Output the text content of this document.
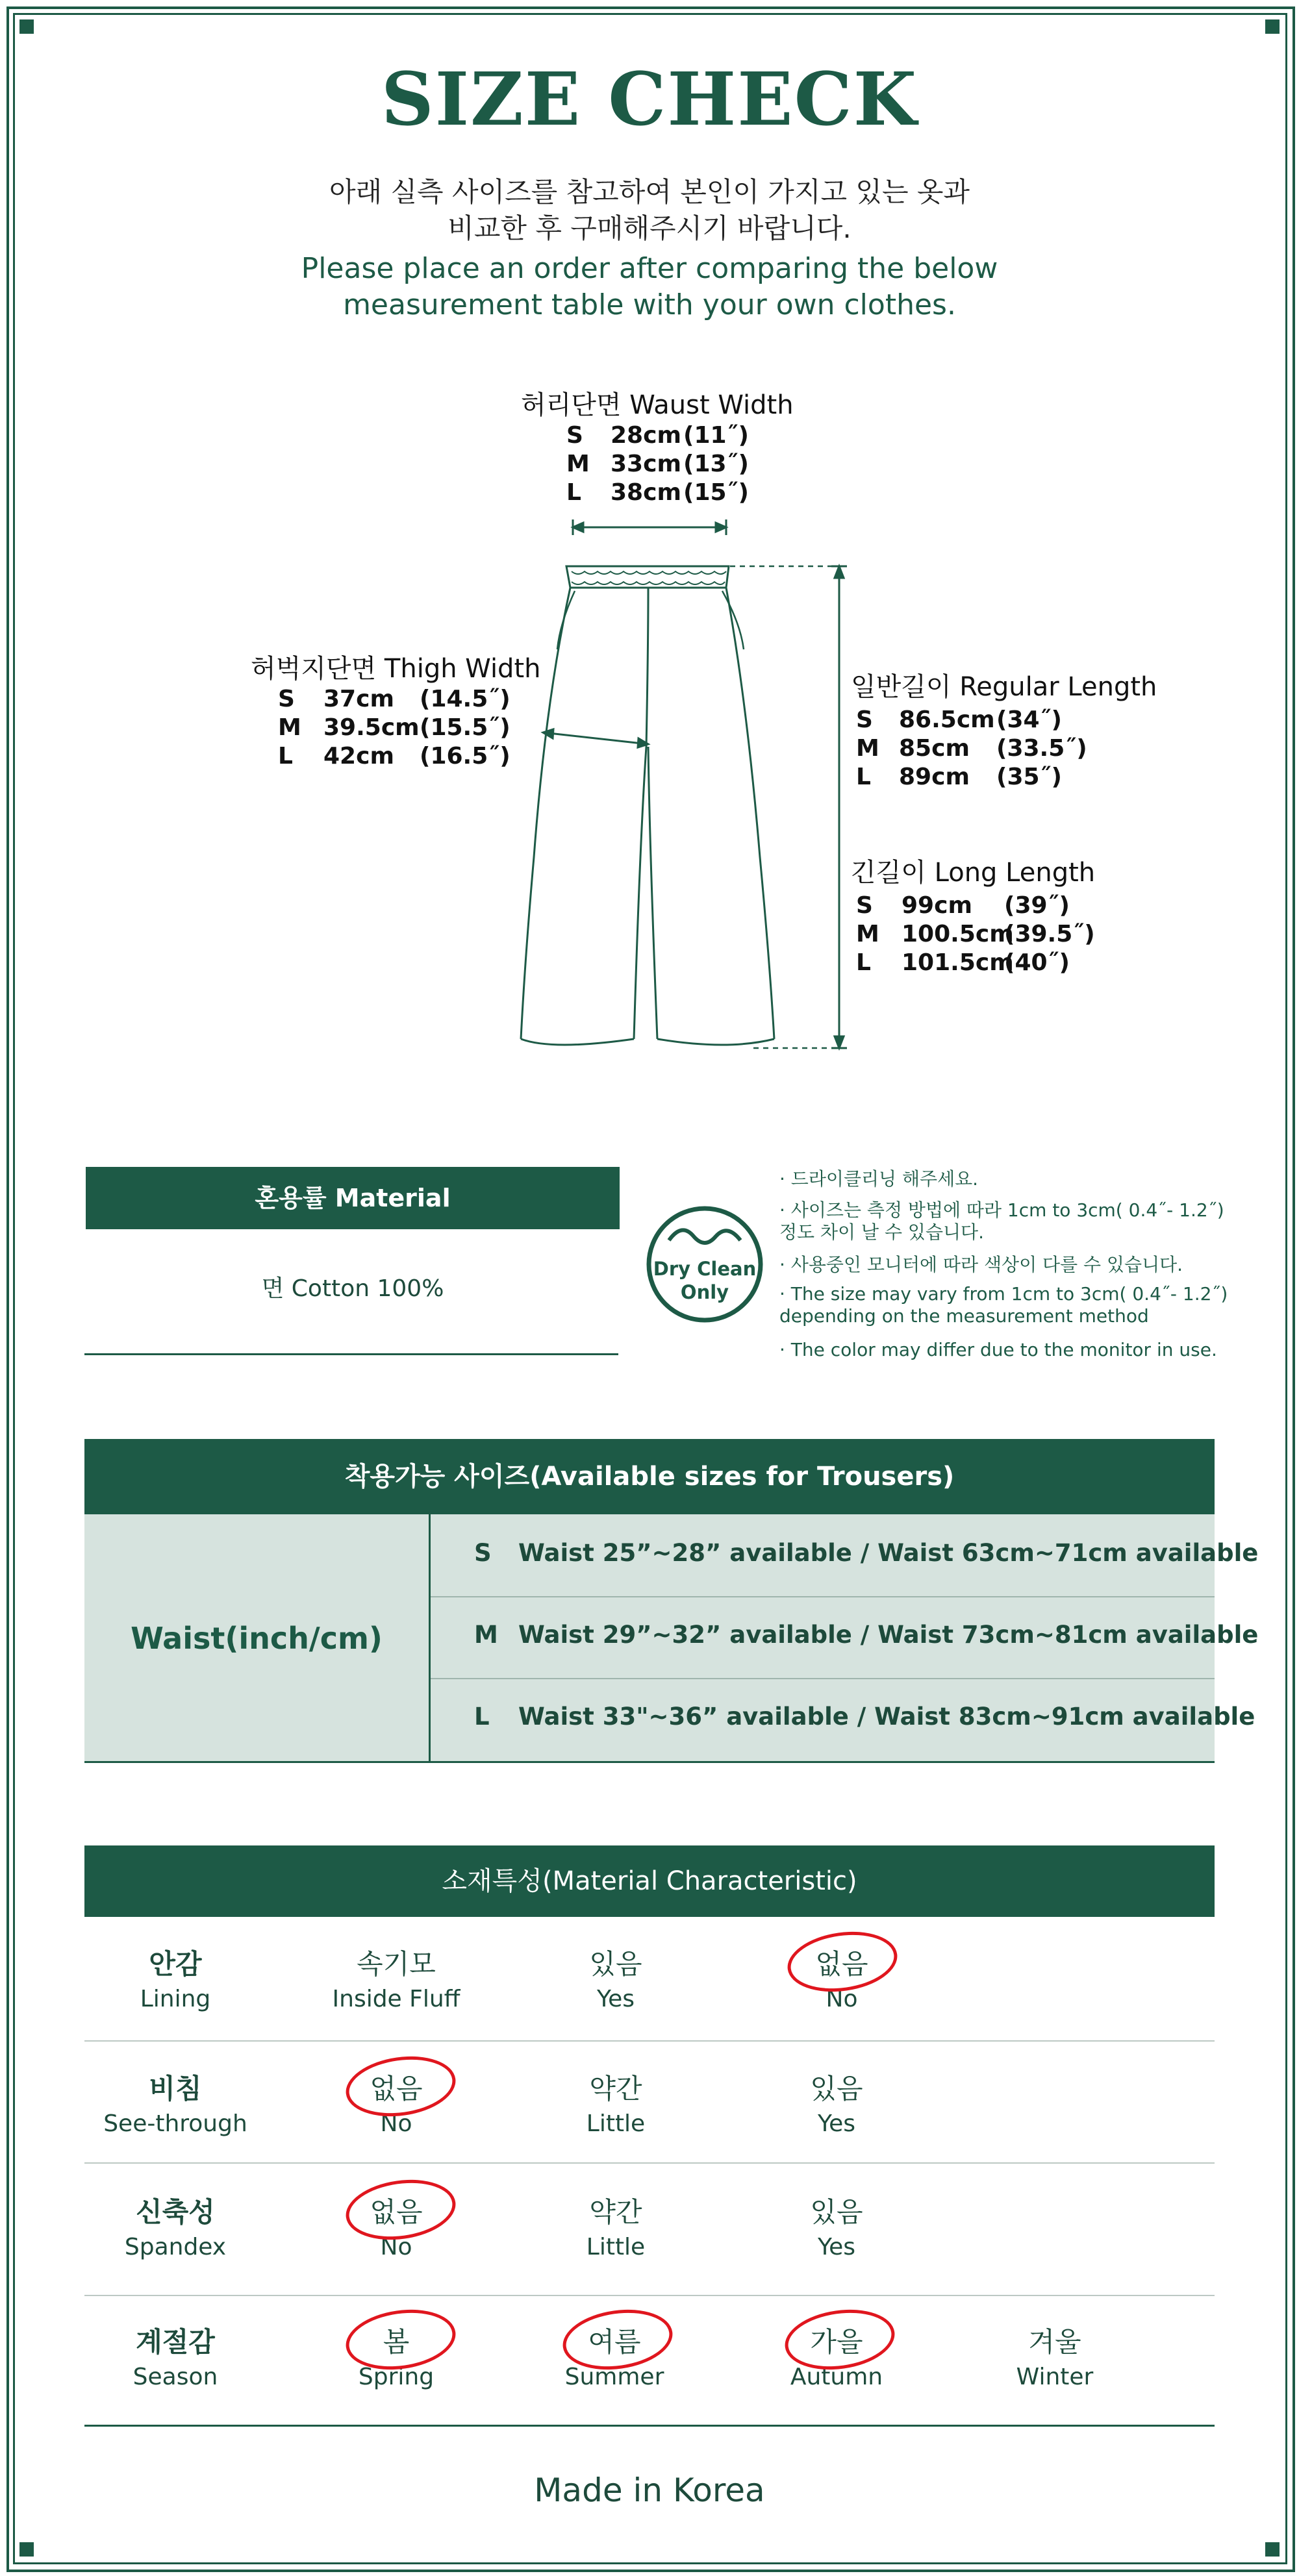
SIZE CHECK
아래 실측 사이즈를 참고하여 본인이 가지고 있는 옷과
비교한 후 구매해주시기 바랍니다.
Please place an order after comparing the below
measurement table with your own clothes.
허리단면 Waust Width
S 28cm(11˝)
M 33cm(13˝)
L 38cm(15˝)
허벅지단면 Thigh Width
S 37cm (14.5˝)
M 39.5cm(15.5˝)
L 42cm (16.5˝)
일반길이 Regular Length
S 86.5cm(34˝)
M 85cm (33.5˝)
L 89cm (35˝)
긴길이 Long Length
S 99cm (39˝)
M 100.5cm(39.5˝)
L 101.5cm(40˝)
혼용률 Material
면 Cotton 100%
Dry Clean
Only
· 드라이클리닝 해주세요.
· 사이즈는 측정 방법에 따라 1cm to 3cm( 0.4˝- 1.2˝)
정도 차이 날 수 있습니다.
· 사용중인 모니터에 따라 색상이 다를 수 있습니다.
· The size may vary from 1cm to 3cm( 0.4˝- 1.2˝)
depending on the measurement method
· The color may differ due to the monitor in use.
착용가능 사이즈(Available sizes for Trousers)
Waist(inch/cm)
S Waist 25”~28” available / Waist 63cm~71cm available
M Waist 29”~32” available / Waist 73cm~81cm available
L Waist 33"~36” available / Waist 83cm~91cm available
소재특성(Material Characteristic)
안감
Lining
속기모
Inside Fluff
있음
Yes
없음
No
비침
See-through
없음
No
약간
Little
있음
Yes
신축성
Spandex
없음
No
약간
Little
있음
Yes
계절감
Season
봄
Spring
여름
Summer
가을
Autumn
겨울
Winter
Made in Korea
